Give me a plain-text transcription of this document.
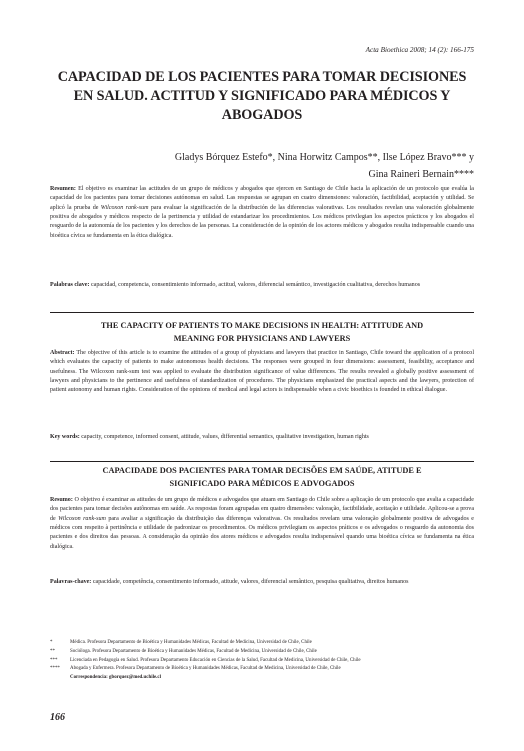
Acta Bioethica 2008; 14 (2): 166-175
CAPACIDAD DE LOS PACIENTES PARA TOMAR DECISIONES
EN SALUD. ACTITUD Y SIGNIFICADO PARA MÉDICOS Y
ABOGADOS
Gladys Bórquez Estefo*, Nina Horwitz Campos**, Ilse López Bravo*** y
Gina Raineri Bernain****

Resumen: El objetivo es examinar las actitudes de un grupo de médicos y abogados que ejercen en Santiago de Chile hacia la aplicación de un protocolo que evalúa la capacidad de los pacientes para tomar decisiones autónomas en salud. Las respuestas se agrupan en cuatro dimensiones: valoración, factibilidad, aceptación y utilidad. Se aplicó la prueba de Wilcoxon rank-sum para evaluar la significación de la distribución de las diferencias valorativas. Los resultados revelan una valoración globalmente positiva de abogados y médicos respecto de la pertinencia y utilidad de estandarizar los procedimientos. Los médicos privilegian los aspectos prácticos y los abogados el resguardo de la autonomía de los pacientes y los derechos de las personas. La consideración de la opinión de los actores médicos y abogados resulta indispensable cuando una bioética cívica se fundamenta en la ética dialógica.

Palabras clave: capacidad, competencia, consentimiento informado, actitud, valores, diferencial semántico, investigación cualitativa, derechos humanos

THE CAPACITY OF PATIENTS TO MAKE DECISIONS IN HEALTH: ATTITUDE AND
MEANING FOR PHYSICIANS AND LAWYERS

Abstract: The objective of this article is to examine the attitudes of a group of physicians and lawyers that practice in Santiago, Chile toward the application of a protocol which evaluates the capacity of patients to make autonomous health decisions. The responses were grouped in four dimensions: assessment, feasibility, acceptance and usefulness. The Wilcoxon rank-sum test was applied to evaluate the distribution significance of value differences. The results revealed a globally positive assessment of lawyers and physicians to the pertinence and usefulness of standardization of procedures. The physicians emphasized the practical aspects and the lawyers, protection of patient autonomy and human rights. Consideration of the opinions of medical and legal actors is indispensable when a civic bioethics is founded in ethical dialogue.

Key words: capacity, competence, informed consent, attitude, values, differential semantics, qualitative investigation, human rights

CAPACIDADE DOS PACIENTES PARA TOMAR DECISÕES EM SAÚDE, ATITUDE E
SIGNIFICADO PARA MÉDICOS E ADVOGADOS

Resumo: O objetivo é examinar as atitudes de um grupo de médicos e advogados que atuam em Santiago do Chile sobre a aplicação de um protocolo que avalia a capacidade dos pacientes para tomar decisões autônomas em saúde. As respostas foram agrupadas em quatro dimensões: valoração, factibilidade, aceitação e utilidade. Aplicou-se a prova de Wilcoxon rank-sum para avaliar a significação da distribuição das diferenças valorativas. Os resultados revelam uma valoração globalmente positiva de advogados e médicos com respeito à pertinência e utilidade de padronizar os procedimentos. Os médicos privilegiam os aspectos práticos e os advogados o resguardo da autonomia dos pacientes e dos direitos das pessoas. A consideração da opinião dos atores médicos e advogados resulta indispensável quando uma bioética cívica se fundamenta na ética dialógica.

Palavras-chave: capacidade, competência, consentimento informado, atitude, valores, diferencial semântico, pesquisa qualitativa, direitos humanos

*	Médica. Profesora Departamento de Bioética y Humanidades Médicas, Facultad de Medicina, Universidad de Chile, Chile
**	Socióloga. Profesora Departamento de Bioética y Humanidades Médicas, Facultad de Medicina, Universidad de Chile, Chile
***	Licenciada en Pedagogía en Salud. Profesora Departamento Educación en Ciencias de la Salud, Facultad de Medicina, Universidad de Chile, Chile
****	Abogada y Enfermera. Profesora Departamento de Bioética y Humanidades Médicas, Facultad de Medicina, Universidad de Chile, Chile
Correspondencia: gborquez@med.uchile.cl
166
